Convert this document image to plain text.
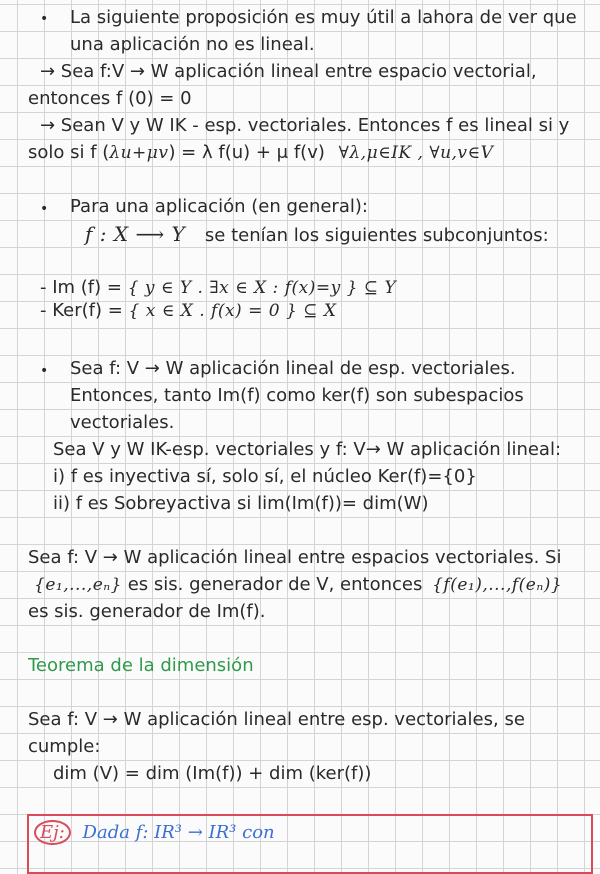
• La siguiente proposición es muy útil a lahora de ver que
una aplicación no es lineal.
→ Sea f:V → W aplicación lineal entre espacio vectorial,
entonces f (0) = 0
→ Sean V y W IK - esp. vectoriales. Entonces f es lineal si y
solo si f (λu+μv) = λ f(u) + μ f(v) ∀λ,μ∈IK , ∀u,v∈V
• Para una aplicación (en general):
f : X ⟶ Y se tenían los siguientes subconjuntos:
- Im (f) = { y ∈ Y . ∃x ∈ X : f(x)=y } ⊆ Y
- Ker(f) = { x ∈ X . f(x) = 0 } ⊆ X
• Sea f: V → W aplicación lineal de esp. vectoriales.
Entonces, tanto Im(f) como ker(f) son subespacios
vectoriales.
Sea V y W IK-esp. vectoriales y f: V→ W aplicación lineal:
i) f es inyectiva sí, solo sí, el núcleo Ker(f)={0}
ii) f es Sobreyactiva si lim(Im(f))= dim(W)
Sea f: V → W aplicación lineal entre espacios vectoriales. Si
{e₁,...,eₙ} es sis. generador de V, entonces {f(e₁),...,f(eₙ)}
es sis. generador de Im(f).
Teorema de la dimensión
Sea f: V → W aplicación lineal entre esp. vectoriales, se
cumple:
dim (V) = dim (Im(f)) + dim (ker(f))
Ej: Dada f: IR³ → IR³ con
